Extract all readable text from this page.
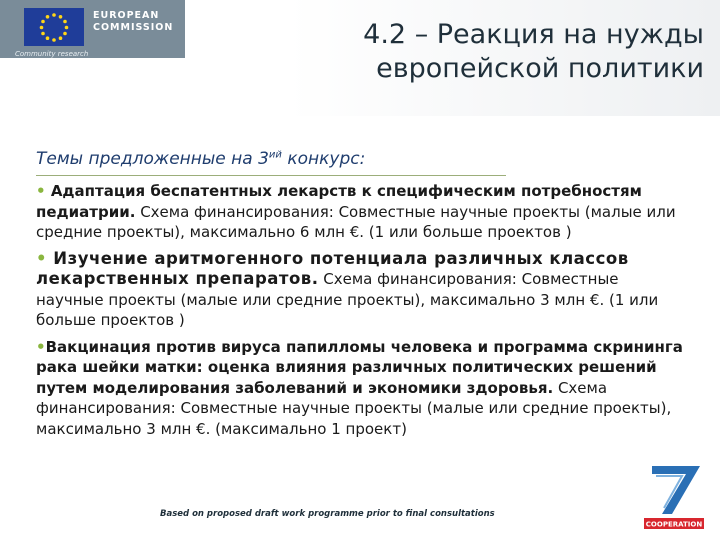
EUROPEAN
COMMISSION
Community research
4.2 – Реакция на нужды
европейской политики
Темы предложенные на $3^{ий}$ конкурс:
• Адаптация беспатентных лекарств к специфическим потребностям педиатрии. Схема финансирования: Совместные научные проекты (малые или средние проекты), максимально 6 млн €. (1 или больше проектов )
• Изучение аритмогенного потенциала различных классов лекарственных препаратов. Схема финансирования: Совместные научные проекты (малые или средние проекты), максимально 3 млн €. (1 или больше проектов )
•Вакцинация против вируса папилломы человека и программа скрининга рака шейки матки: оценка влияния различных политических решений путем моделирования заболеваний и экономики здоровья. Схема финансирования: Совместные научные проекты (малые или средние проекты), максимально 3 млн €. (максимально 1 проект)
Based on proposed draft work programme prior to final consultations
COOPERATION
